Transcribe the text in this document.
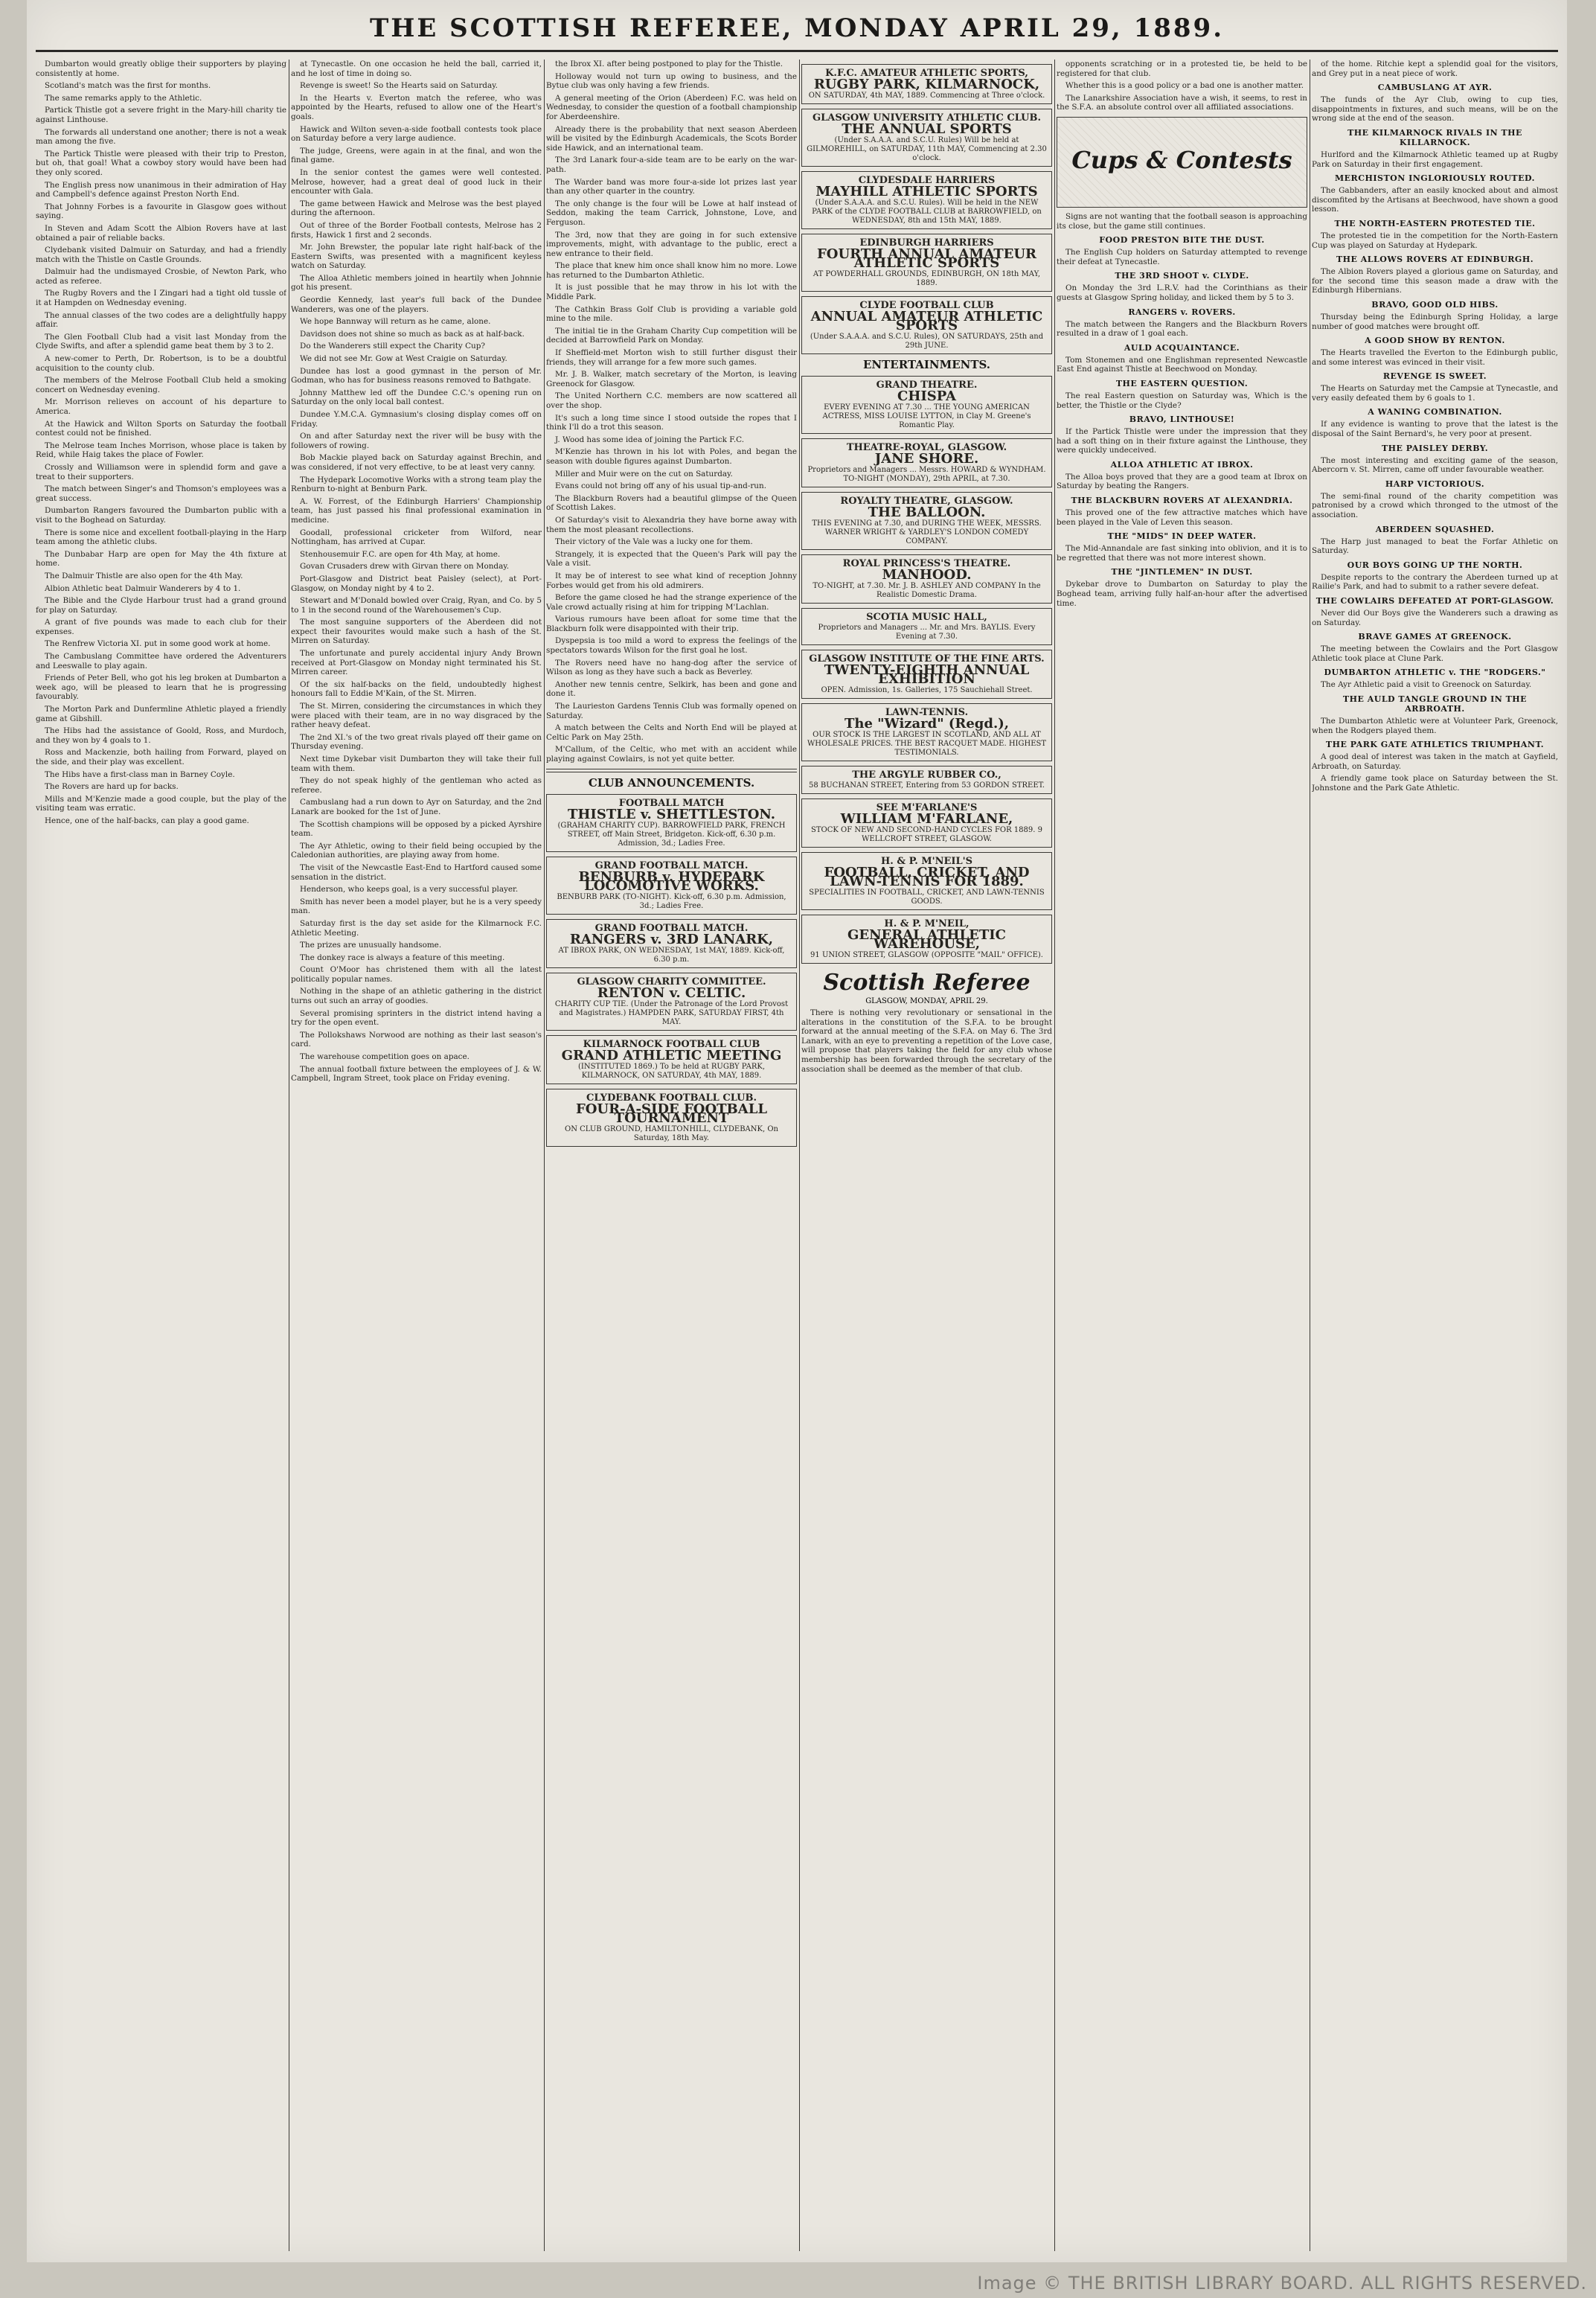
THE SCOTTISH REFEREE, MONDAY APRIL 29, 1889.

Dumbarton would greatly oblige their supporters by playing consistently at home.

Scotland's match was the first for months.

The same remarks apply to the Athletic.

Partick Thistle got a severe fright in the Mary-hill charity tie against Linthouse.

The forwards all understand one another; there is not a weak man among the five.

The Partick Thistle were pleased with their trip to Preston, but oh, that goal! What a cowboy story would have been had they only scored.

The English press now unanimous in their admiration of Hay and Campbell's defence against Preston North End.

That Johnny Forbes is a favourite in Glasgow goes without saying.

In Steven and Adam Scott the Albion Rovers have at last obtained a pair of reliable backs.

Clydebank visited Dalmuir on Saturday, and had a friendly match with the Thistle on Castle Grounds.

Dalmuir had the undismayed Crosbie, of Newton Park, who acted as referee.

The Rugby Rovers and the I Zingari had a tight old tussle of it at Hampden on Wednesday evening.

The annual classes of the two codes are a delightfully happy affair.

The Glen Football Club had a visit last Monday from the Clyde Swifts, and after a splendid game beat them by 3 to 2.

A new-comer to Perth, Dr. Robertson, is to be a doubtful acquisition to the county club.

The members of the Melrose Football Club held a smoking concert on Wednesday evening.

Mr. Morrison relieves on account of his departure to America.

At the Hawick and Wilton Sports on Saturday the football contest could not be finished.

The Melrose team Inches Morrison, whose place is taken by Reid, while Haig takes the place of Fowler.

Crossly and Williamson were in splendid form and gave a treat to their supporters.

The match between Singer's and Thomson's employees was a great success.

Dumbarton Rangers favoured the Dumbarton public with a visit to the Boghead on Saturday.

There is some nice and excellent football-playing in the Harp team among the athletic clubs.

The Dunbabar Harp are open for May the 4th fixture at home.

The Dalmuir Thistle are also open for the 4th May.

Albion Athletic beat Dalmuir Wanderers by 4 to 1.

The Bible and the Clyde Harbour trust had a grand ground for play on Saturday.

A grant of five pounds was made to each club for their expenses.

The Renfrew Victoria XI. put in some good work at home.

The Cambuslang Committee have ordered the Adventurers and Leeswalle to play again.

Friends of Peter Bell, who got his leg broken at Dumbarton a week ago, will be pleased to learn that he is progressing favourably.

The Morton Park and Dunfermline Athletic played a friendly game at Gibshill.

The Hibs had the assistance of Goold, Ross, and Murdoch, and they won by 4 goals to 1.

Ross and Mackenzie, both hailing from Forward, played on the side, and their play was excellent.

The Hibs have a first-class man in Barney Coyle.

The Rovers are hard up for backs.

Mills and M'Kenzie made a good couple, but the play of the visiting team was erratic.

Hence, one of the half-backs, can play a good game.

at Tynecastle. On one occasion he held the ball, carried it, and he lost of time in doing so.

Revenge is sweet! So the Hearts said on Saturday.

In the Hearts v. Everton match the referee, who was appointed by the Hearts, refused to allow one of the Heart's goals.

Hawick and Wilton seven-a-side football contests took place on Saturday before a very large audience.

The judge, Greens, were again in at the final, and won the final game.

In the senior contest the games were well contested. Melrose, however, had a great deal of good luck in their encounter with Gala.

The game between Hawick and Melrose was the best played during the afternoon.

Out of three of the Border Football contests, Melrose has 2 firsts, Hawick 1 first and 2 seconds.

Mr. John Brewster, the popular late right half-back of the Eastern Swifts, was presented with a magnificent keyless watch on Saturday.

The Alloa Athletic members joined in heartily when Johnnie got his present.

Geordie Kennedy, last year's full back of the Dundee Wanderers, was one of the players.

We hope Bannway will return as he came, alone.

Davidson does not shine so much as back as at half-back.

Do the Wanderers still expect the Charity Cup?

We did not see Mr. Gow at West Craigie on Saturday.

Dundee has lost a good gymnast in the person of Mr. Godman, who has for business reasons removed to Bathgate.

Johnny Matthew led off the Dundee C.C.'s opening run on Saturday on the only local ball contest.

Dundee Y.M.C.A. Gymnasium's closing display comes off on Friday.

On and after Saturday next the river will be busy with the followers of rowing.

Bob Mackie played back on Saturday against Brechin, and was considered, if not very effective, to be at least very canny.

The Hydepark Locomotive Works with a strong team play the Renburn to-night at Benburn Park.

A. W. Forrest, of the Edinburgh Harriers' Championship team, has just passed his final professional examination in medicine.

Goodall, professional cricketer from Wilford, near Nottingham, has arrived at Cupar.

Stenhousemuir F.C. are open for 4th May, at home.

Govan Crusaders drew with Girvan there on Monday.

Port-Glasgow and District beat Paisley (select), at Port-Glasgow, on Monday night by 4 to 2.

Stewart and M'Donald bowled over Craig, Ryan, and Co. by 5 to 1 in the second round of the Warehousemen's Cup.

The most sanguine supporters of the Aberdeen did not expect their favourites would make such a hash of the St. Mirren on Saturday.

The unfortunate and purely accidental injury Andy Brown received at Port-Glasgow on Monday night terminated his St. Mirren career.

Of the six half-backs on the field, undoubtedly highest honours fall to Eddie M'Kain, of the St. Mirren.

The St. Mirren, considering the circumstances in which they were placed with their team, are in no way disgraced by the rather heavy defeat.

The 2nd XI.'s of the two great rivals played off their game on Thursday evening.

Next time Dykebar visit Dumbarton they will take their full team with them.

They do not speak highly of the gentleman who acted as referee.

Cambuslang had a run down to Ayr on Saturday, and the 2nd Lanark are booked for the 1st of June.

The Scottish champions will be opposed by a picked Ayrshire team.

The Ayr Athletic, owing to their field being occupied by the Caledonian authorities, are playing away from home.

The visit of the Newcastle East-End to Hartford caused some sensation in the district.

Henderson, who keeps goal, is a very successful player.

Smith has never been a model player, but he is a very speedy man.

Saturday first is the day set aside for the Kilmarnock F.C. Athletic Meeting.

The prizes are unusually handsome.

The donkey race is always a feature of this meeting.

Count O'Moor has christened them with all the latest politically popular names.

Nothing in the shape of an athletic gathering in the district turns out such an array of goodies.

Several promising sprinters in the district intend having a try for the open event.

The Pollokshaws Norwood are nothing as their last season's card.

The warehouse competition goes on apace.

The annual football fixture between the employees of J. & W. Campbell, Ingram Street, took place on Friday evening.

the Ibrox XI. after being postponed to play for the Thistle.

Holloway would not turn up owing to business, and the Bytue club was only having a few friends.

A general meeting of the Orion (Aberdeen) F.C. was held on Wednesday, to consider the question of a football championship for Aberdeenshire.

Already there is the probability that next season Aberdeen will be visited by the Edinburgh Academicals, the Scots Border side Hawick, and an international team.

The 3rd Lanark four-a-side team are to be early on the war-path.

The Warder band was more four-a-side lot prizes last year than any other quarter in the country.

The only change is the four will be Lowe at half instead of Seddon, making the team Carrick, Johnstone, Love, and Ferguson.

The 3rd, now that they are going in for such extensive improvements, might, with advantage to the public, erect a new entrance to their field.

The place that knew him once shall know him no more. Lowe has returned to the Dumbarton Athletic.

It is just possible that he may throw in his lot with the Middle Park.

The Cathkin Brass Golf Club is providing a variable gold mine to the mile.

The initial tie in the Graham Charity Cup competition will be decided at Barrowfield Park on Monday.

If Sheffield-met Morton wish to still further disgust their friends, they will arrange for a few more such games.

Mr. J. B. Walker, match secretary of the Morton, is leaving Greenock for Glasgow.

The United Northern C.C. members are now scattered all over the shop.

It's such a long time since I stood outside the ropes that I think I'll do a trot this season.

J. Wood has some idea of joining the Partick F.C.

M'Kenzie has thrown in his lot with Poles, and began the season with double figures against Dumbarton.

Miller and Muir were on the cut on Saturday.

Evans could not bring off any of his usual tip-and-run.

The Blackburn Rovers had a beautiful glimpse of the Queen of Scottish Lakes.

Of Saturday's visit to Alexandria they have borne away with them the most pleasant recollections.

Their victory of the Vale was a lucky one for them.

Strangely, it is expected that the Queen's Park will pay the Vale a visit.

It may be of interest to see what kind of reception Johnny Forbes would get from his old admirers.

Before the game closed he had the strange experience of the Vale crowd actually rising at him for tripping M'Lachlan.

Various rumours have been afloat for some time that the Blackburn folk were disappointed with their trip.

Dyspepsia is too mild a word to express the feelings of the spectators towards Wilson for the first goal he lost.

The Rovers need have no hang-dog after the service of Wilson as long as they have such a back as Beverley.

Another new tennis centre, Selkirk, has been and gone and done it.

The Laurieston Gardens Tennis Club was formally opened on Saturday.

A match between the Celts and North End will be played at Celtic Park on May 25th.

M'Callum, of the Celtic, who met with an accident while playing against Cowlairs, is not yet quite better.

CLUB ANNOUNCEMENTS.
FOOTBALL MATCH
THISTLE v. SHETTLESTON.
(GRAHAM CHARITY CUP). BARROWFIELD PARK, FRENCH STREET, off Main Street, Bridgeton. Kick-off, 6.30 p.m. Admission, 3d.; Ladies Free.
GRAND FOOTBALL MATCH.
BENBURB v. HYDEPARK LOCOMOTIVE WORKS.
BENBURB PARK (TO-NIGHT). Kick-off, 6.30 p.m. Admission, 3d.; Ladies Free.
GRAND FOOTBALL MATCH.
RANGERS v. 3RD LANARK,
AT IBROX PARK, ON WEDNESDAY, 1st MAY, 1889. Kick-off, 6.30 p.m.
GLASGOW CHARITY COMMITTEE.
RENTON v. CELTIC.
CHARITY CUP TIE. (Under the Patronage of the Lord Provost and Magistrates.) HAMPDEN PARK, SATURDAY FIRST, 4th MAY.
KILMARNOCK FOOTBALL CLUB
GRAND ATHLETIC MEETING
(INSTITUTED 1869.) To be held at RUGBY PARK, KILMARNOCK, ON SATURDAY, 4th MAY, 1889.
CLYDEBANK FOOTBALL CLUB.
FOUR-A-SIDE FOOTBALL TOURNAMENT
ON CLUB GROUND, HAMILTONHILL, CLYDEBANK, On Saturday, 18th May.
K.F.C. AMATEUR ATHLETIC SPORTS,
RUGBY PARK, KILMARNOCK,
ON SATURDAY, 4th MAY, 1889. Commencing at Three o'clock.
GLASGOW UNIVERSITY ATHLETIC CLUB.
THE ANNUAL SPORTS
(Under S.A.A.A. and S.C.U. Rules) Will be held at GILMOREHILL, on SATURDAY, 11th MAY, Commencing at 2.30 o'clock.
CLYDESDALE HARRIERS
MAYHILL ATHLETIC SPORTS
(Under S.A.A.A. and S.C.U. Rules). Will be held in the NEW PARK of the CLYDE FOOTBALL CLUB at BARROWFIELD, on WEDNESDAY, 8th and 15th MAY, 1889.
EDINBURGH HARRIERS
FOURTH ANNUAL AMATEUR ATHLETIC SPORTS
AT POWDERHALL GROUNDS, EDINBURGH, ON 18th MAY, 1889.
CLYDE FOOTBALL CLUB
ANNUAL AMATEUR ATHLETIC SPORTS
(Under S.A.A.A. and S.C.U. Rules), ON SATURDAYS, 25th and 29th JUNE.
ENTERTAINMENTS.
GRAND THEATRE.
CHISPA
EVERY EVENING AT 7.30 ... THE YOUNG AMERICAN ACTRESS, MISS LOUISE LYTTON, in Clay M. Greene's Romantic Play.
THEATRE-ROYAL, GLASGOW.
JANE SHORE.
Proprietors and Managers ... Messrs. HOWARD & WYNDHAM. TO-NIGHT (MONDAY), 29th APRIL, at 7.30.
ROYALTY THEATRE, GLASGOW.
THE BALLOON.
THIS EVENING at 7.30, and DURING THE WEEK, MESSRS. WARNER WRIGHT & YARDLEY'S LONDON COMEDY COMPANY.
ROYAL PRINCESS'S THEATRE.
MANHOOD.
TO-NIGHT, at 7.30. Mr. J. B. ASHLEY AND COMPANY In the Realistic Domestic Drama.
SCOTIA MUSIC HALL,
Proprietors and Managers ... Mr. and Mrs. BAYLIS. Every Evening at 7.30.
GLASGOW INSTITUTE OF THE FINE ARTS.
TWENTY-EIGHTH ANNUAL EXHIBITION
OPEN. Admission, 1s. Galleries, 175 Sauchiehall Street.
LAWN-TENNIS.
The "Wizard" (Regd.),
OUR STOCK IS THE LARGEST IN SCOTLAND, AND ALL AT WHOLESALE PRICES. THE BEST RACQUET MADE. HIGHEST TESTIMONIALS.
THE ARGYLE RUBBER CO.,
58 BUCHANAN STREET, Entering from 53 GORDON STREET.
SEE M'FARLANE'S
WILLIAM M'FARLANE,
STOCK OF NEW AND SECOND-HAND CYCLES FOR 1889. 9 WELLCROFT STREET, GLASGOW.
H. & P. M'NEIL'S
FOOTBALL, CRICKET, AND LAWN-TENNIS FOR 1889.
SPECIALITIES IN FOOTBALL, CRICKET, AND LAWN-TENNIS GOODS.
H. & P. M'NEIL,
GENERAL ATHLETIC WAREHOUSE,
91 UNION STREET, GLASGOW (OPPOSITE "MAIL" OFFICE).
Scottish Referee
GLASGOW, MONDAY, APRIL 29.

There is nothing very revolutionary or sensational in the alterations in the constitution of the S.F.A. to be brought forward at the annual meeting of the S.F.A. on May 6. The 3rd Lanark, with an eye to preventing a repetition of the Love case, will propose that players taking the field for any club whose membership has been forwarded through the secretary of the association shall be deemed as the member of that club.

opponents scratching or in a protested tie, be held to be registered for that club.

Whether this is a good policy or a bad one is another matter.

The Lanarkshire Association have a wish, it seems, to rest in the S.F.A. an absolute control over all affiliated associations.

Cups & Contests

Signs are not wanting that the football season is approaching its close, but the game still continues.

FOOD PRESTON BITE THE DUST.

The English Cup holders on Saturday attempted to revenge their defeat at Tynecastle.

THE 3RD SHOOT v. CLYDE.

On Monday the 3rd L.R.V. had the Corinthians as their guests at Glasgow Spring holiday, and licked them by 5 to 3.

RANGERS v. ROVERS.

The match between the Rangers and the Blackburn Rovers resulted in a draw of 1 goal each.

AULD ACQUAINTANCE.

Tom Stonemen and one Englishman represented Newcastle East End against Thistle at Beechwood on Monday.

THE EASTERN QUESTION.

The real Eastern question on Saturday was, Which is the better, the Thistle or the Clyde?

BRAVO, LINTHOUSE!

If the Partick Thistle were under the impression that they had a soft thing on in their fixture against the Linthouse, they were quickly undeceived.

ALLOA ATHLETIC AT IBROX.

The Alloa boys proved that they are a good team at Ibrox on Saturday by beating the Rangers.

THE BLACKBURN ROVERS AT ALEXANDRIA.

This proved one of the few attractive matches which have been played in the Vale of Leven this season.

THE "MIDS" IN DEEP WATER.

The Mid-Annandale are fast sinking into oblivion, and it is to be regretted that there was not more interest shown.

THE "JINTLEMEN" IN DUST.

Dykebar drove to Dumbarton on Saturday to play the Boghead team, arriving fully half-an-hour after the advertised time.

of the home. Ritchie kept a splendid goal for the visitors, and Grey put in a neat piece of work.

CAMBUSLANG AT AYR.

The funds of the Ayr Club, owing to cup ties, disappointments in fixtures, and such means, will be on the wrong side at the end of the season.

THE KILMARNOCK RIVALS IN THE KILLARNOCK.

Hurlford and the Kilmarnock Athletic teamed up at Rugby Park on Saturday in their first engagement.

MERCHISTON INGLORIOUSLY ROUTED.

The Gabbanders, after an easily knocked about and almost discomfited by the Artisans at Beechwood, have shown a good lesson.

THE NORTH-EASTERN PROTESTED TIE.

The protested tie in the competition for the North-Eastern Cup was played on Saturday at Hydepark.

THE ALLOWS ROVERS AT EDINBURGH.

The Albion Rovers played a glorious game on Saturday, and for the second time this season made a draw with the Edinburgh Hibernians.

BRAVO, GOOD OLD HIBS.

Thursday being the Edinburgh Spring Holiday, a large number of good matches were brought off.

A GOOD SHOW BY RENTON.

The Hearts travelled the Everton to the Edinburgh public, and some interest was evinced in their visit.

REVENGE IS SWEET.

The Hearts on Saturday met the Campsie at Tynecastle, and very easily defeated them by 6 goals to 1.

A WANING COMBINATION.

If any evidence is wanting to prove that the latest is the disposal of the Saint Bernard's, he very poor at present.

THE PAISLEY DERBY.

The most interesting and exciting game of the season, Abercorn v. St. Mirren, came off under favourable weather.

HARP VICTORIOUS.

The semi-final round of the charity competition was patronised by a crowd which thronged to the utmost of the association.

ABERDEEN SQUASHED.

The Harp just managed to beat the Forfar Athletic on Saturday.

OUR BOYS GOING UP THE NORTH.

Despite reports to the contrary the Aberdeen turned up at Railie's Park, and had to submit to a rather severe defeat.

THE COWLAIRS DEFEATED AT PORT-GLASGOW.

Never did Our Boys give the Wanderers such a drawing as on Saturday.

BRAVE GAMES AT GREENOCK.

The meeting between the Cowlairs and the Port Glasgow Athletic took place at Clune Park.

DUMBARTON ATHLETIC v. THE "RODGERS."

The Ayr Athletic paid a visit to Greenock on Saturday.

THE AULD TANGLE GROUND IN THE ARBROATH.

The Dumbarton Athletic were at Volunteer Park, Greenock, when the Rodgers played them.

THE PARK GATE ATHLETICS TRIUMPHANT.

A good deal of interest was taken in the match at Gayfield, Arbroath, on Saturday.

A friendly game took place on Saturday between the St. Johnstone and the Park Gate Athletic.

Image © THE BRITISH LIBRARY BOARD. ALL RIGHTS RESERVED.
